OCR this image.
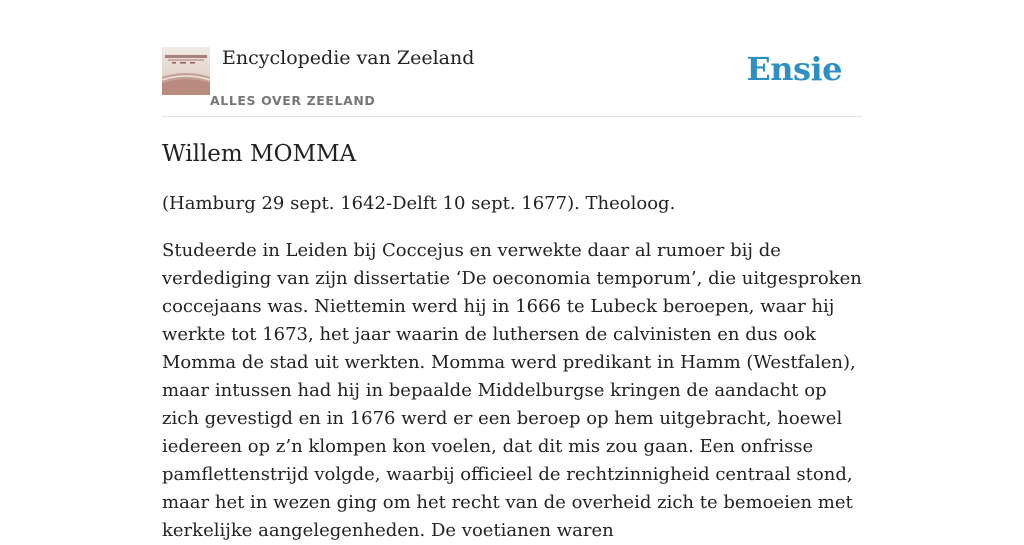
Encyclopedie van Zeeland
ALLES OVER ZEELAND
Ensie
Willem MOMMA

(Hamburg 29 sept. 1642-Delft 10 sept. 1677). Theoloog.

Studeerde in Leiden bij Coccejus en verwekte daar al rumoer bij de verdediging van zijn dissertatie ‘De oeconomia temporum’, die uitgesproken coccejaans was. Niettemin werd hij in 1666 te Lubeck beroepen, waar hij werkte tot 1673, het jaar waarin de luthersen de calvinisten en dus ook Momma de stad uit werkten. Momma werd predikant in Hamm (Westfalen), maar intussen had hij in bepaalde Middelburgse kringen de aandacht op zich gevestigd en in 1676 werd er een beroep op hem uitgebracht, hoewel iedereen op z’n klompen kon voelen, dat dit mis zou gaan. Een onfrisse pamflettenstrijd volgde, waarbij officieel de rechtzinnigheid centraal stond, maar het in wezen ging om het recht van de overheid zich te bemoeien met kerkelijke aangelegenheden. De voetianen waren
